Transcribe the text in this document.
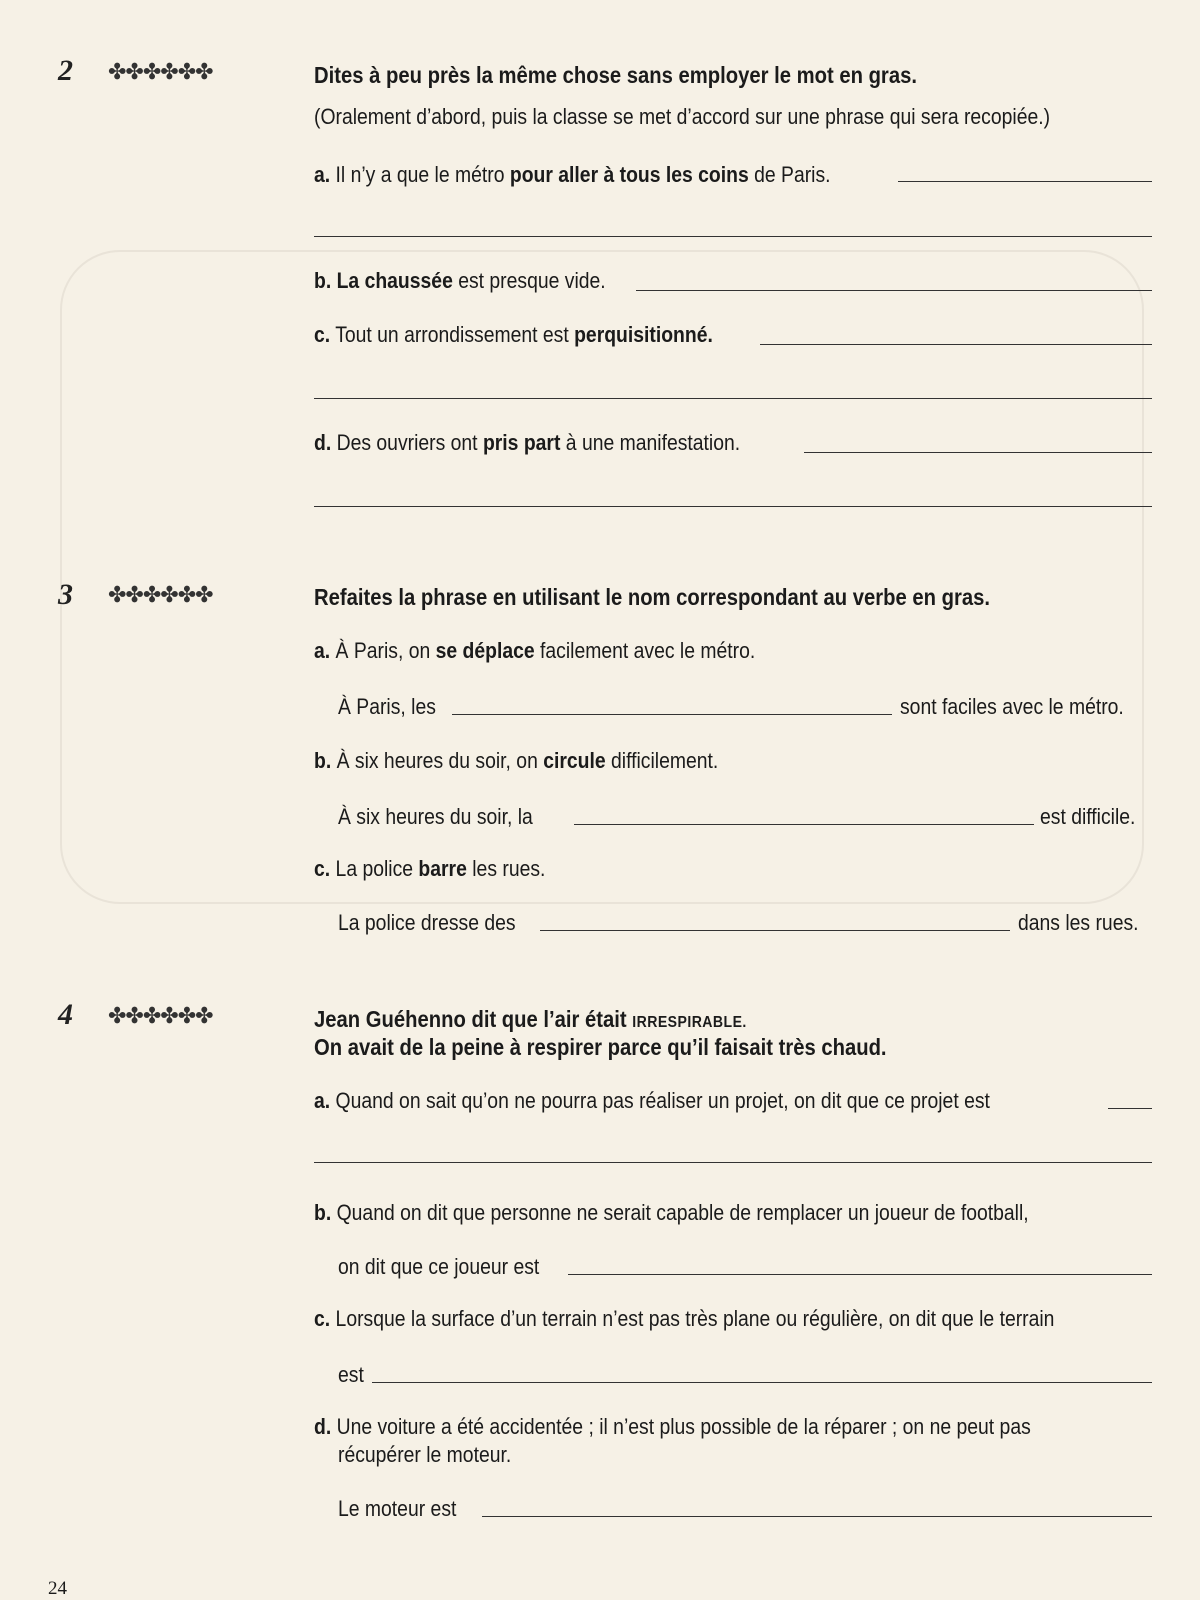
2 ✤✤✤✤✤✤	Dites à peu près la même chose sans employer le mot en gras.
(Oralement d’abord, puis la classe se met d’accord sur une phrase qui sera recopiée.)
a. Il n’y a que le métro pour aller à tous les coins de Paris.
b. La chaussée est presque vide.
c. Tout un arrondissement est perquisitionné.
d. Des ouvriers ont pris part à une manifestation.
3 ✤✤✤✤✤✤	Refaites la phrase en utilisant le nom correspondant au verbe en gras.
a. À Paris, on se déplace facilement avec le métro.
À Paris, les	sont faciles avec le métro.
b. À six heures du soir, on circule difficilement.
À six heures du soir, la	est difficile.
c. La police barre les rues.
La police dresse des	dans les rues.
4 ✤✤✤✤✤✤	Jean Guéhenno dit que l’air était IRRESPIRABLE.
On avait de la peine à respirer parce qu’il faisait très chaud.
a. Quand on sait qu’on ne pourra pas réaliser un projet, on dit que ce projet est
b. Quand on dit que personne ne serait capable de remplacer un joueur de football,
on dit que ce joueur est
c. Lorsque la surface d’un terrain n’est pas très plane ou régulière, on dit que le terrain
est
d. Une voiture a été accidentée ; il n’est plus possible de la réparer ; on ne peut pas
récupérer le moteur.
Le moteur est
24
